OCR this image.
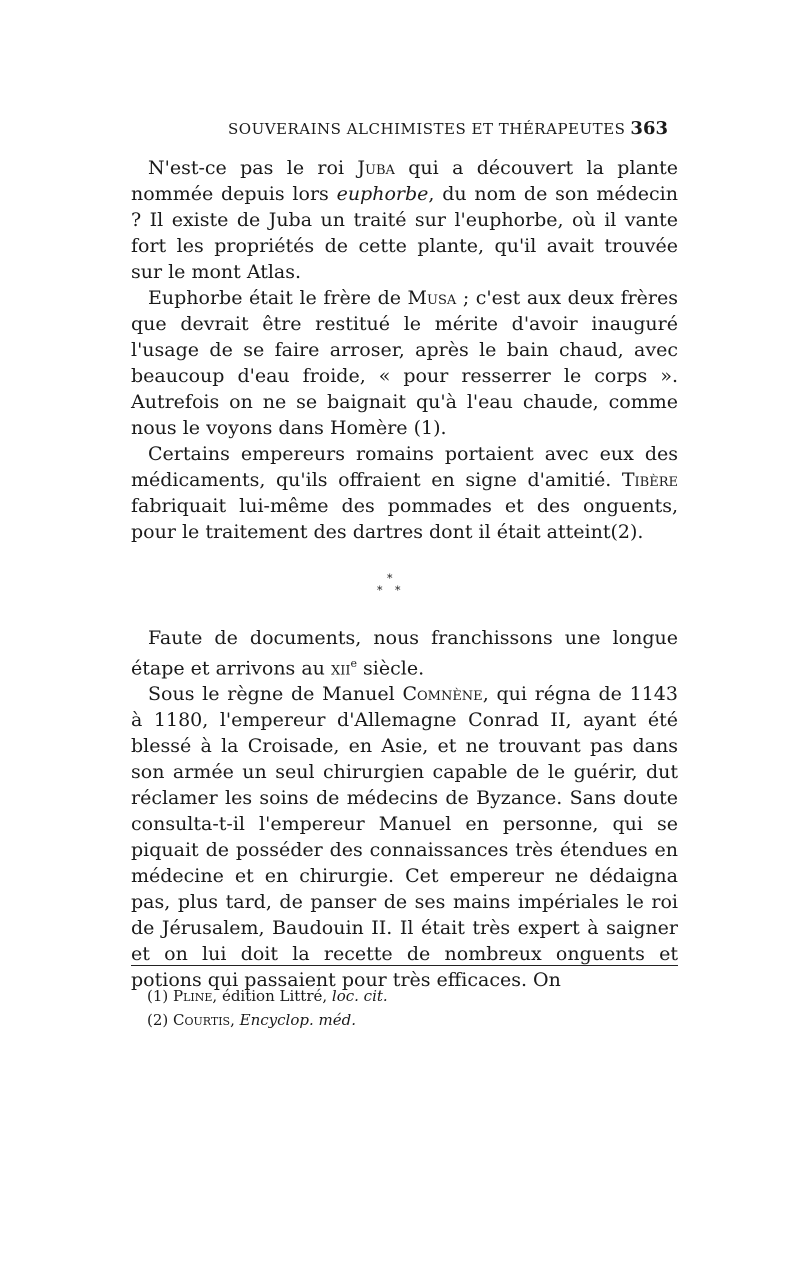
SOUVERAINS ALCHIMISTES ET THÉRAPEUTES 363

N'est-ce pas le roi Juba qui a découvert la plante nommée depuis lors euphorbe, du nom de son médecin ? Il existe de Juba un traité sur l'euphorbe, où il vante fort les propriétés de cette plante, qu'il avait trouvée sur le mont Atlas.

Euphorbe était le frère de Musa ; c'est aux deux frères que devrait être restitué le mérite d'avoir inauguré l'usage de se faire arroser, après le bain chaud, avec beaucoup d'eau froide, « pour resserrer le corps ». Autrefois on ne se baignait qu'à l'eau chaude, comme nous le voyons dans Homère (1).

Certains empereurs romains portaient avec eux des médicaments, qu'ils offraient en signe d'amitié. Tibère fabriquait lui-même des pommades et des onguents, pour le traitement des dartres dont il était atteint(2).

*
* *

Faute de documents, nous franchissons une longue étape et arrivons au xii$^e$ siècle.

Sous le règne de Manuel Comnène, qui régna de 1143 à 1180, l'empereur d'Allemagne Conrad II, ayant été blessé à la Croisade, en Asie, et ne trouvant pas dans son armée un seul chirurgien capable de le guérir, dut réclamer les soins de médecins de Byzance. Sans doute consulta-t-il l'empereur Manuel en personne, qui se piquait de posséder des connaissances très étendues en médecine et en chirurgie. Cet empereur ne dédaigna pas, plus tard, de panser de ses mains impériales le roi de Jérusalem, Baudouin II. Il était très expert à saigner et on lui doit la recette de nombreux onguents et potions qui passaient pour très efficaces. On

(1) Pline, édition Littré, loc. cit.
(2) Courtis, Encyclop. méd.
